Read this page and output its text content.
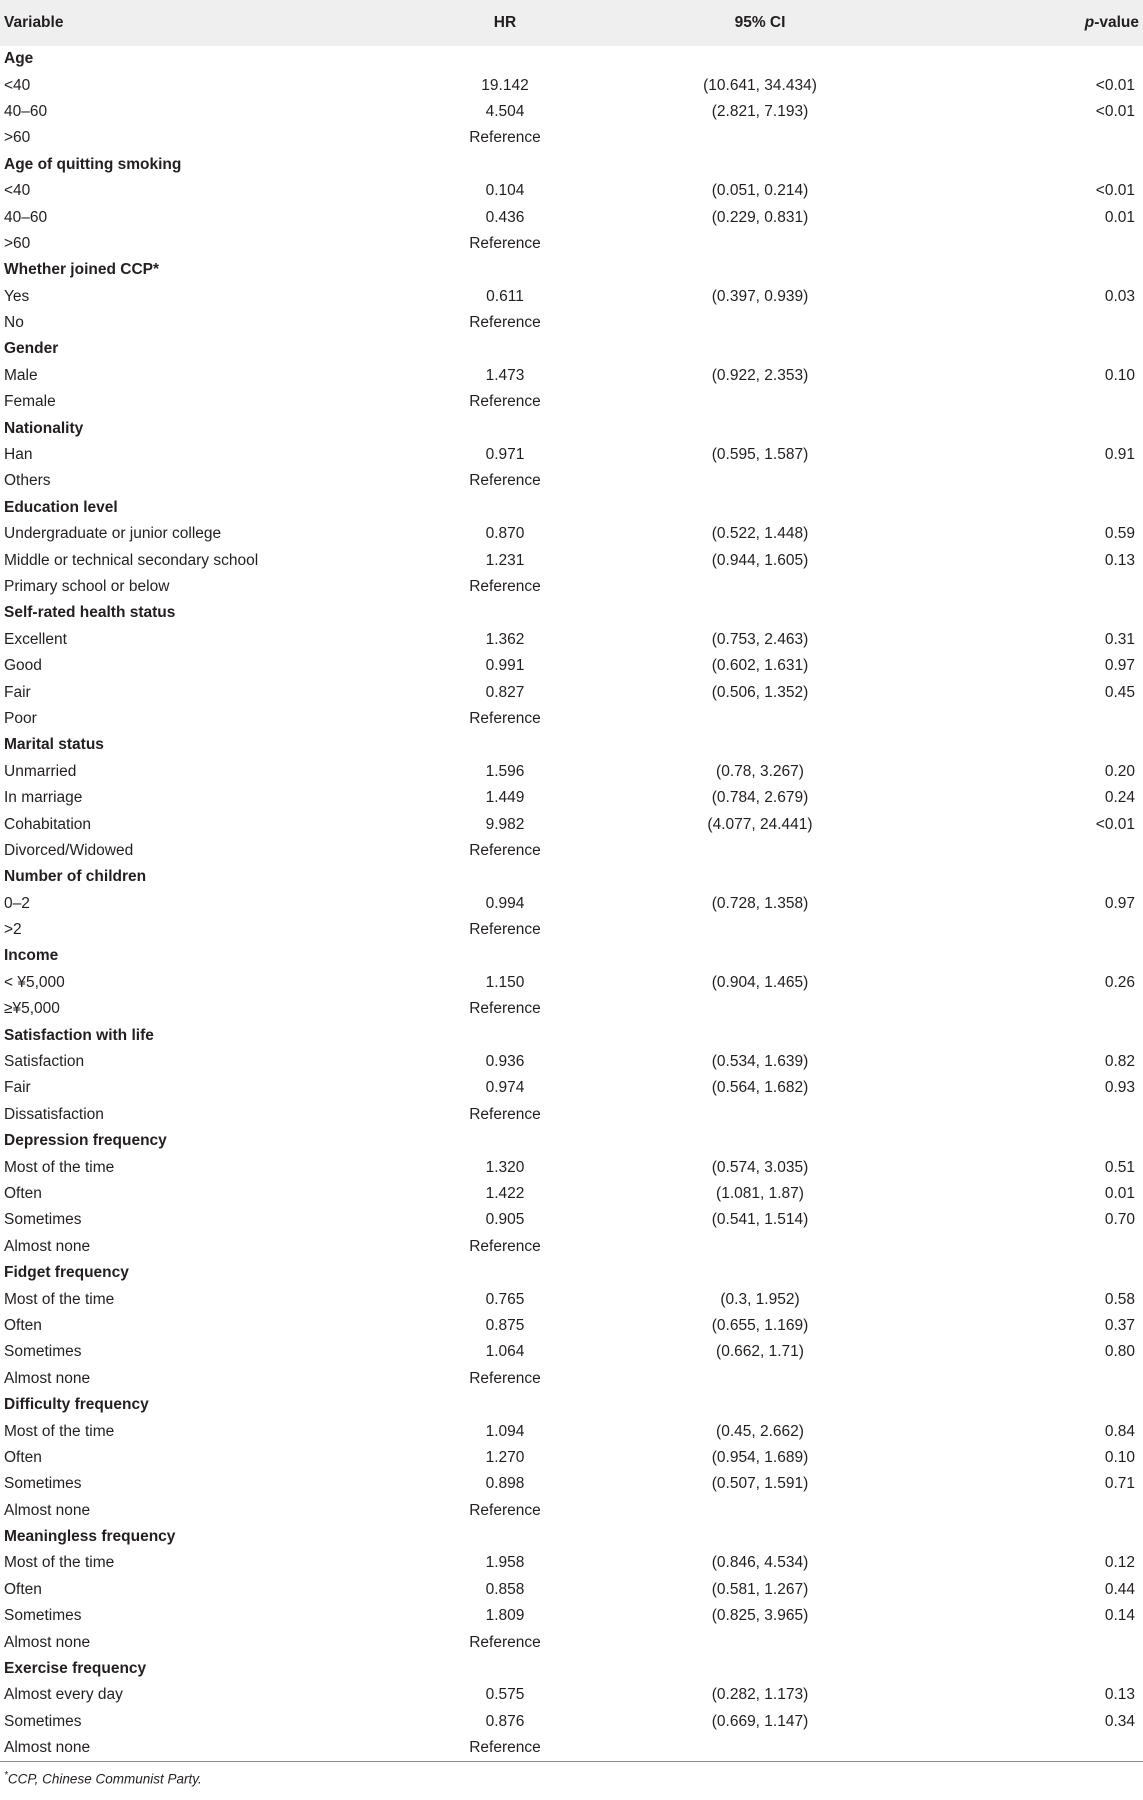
Variable	HR	95% CI	p-value
Age			
<40	19.142	(10.641, 34.434)	<0.01
40–60	4.504	(2.821, 7.193)	<0.01
>60	Reference		
Age of quitting smoking			
<40	0.104	(0.051, 0.214)	<0.01
40–60	0.436	(0.229, 0.831)	0.01
>60	Reference		
Whether joined CCP*			
Yes	0.611	(0.397, 0.939)	0.03
No	Reference		
Gender			
Male	1.473	(0.922, 2.353)	0.10
Female	Reference		
Nationality			
Han	0.971	(0.595, 1.587)	0.91
Others	Reference		
Education level			
Undergraduate or junior college	0.870	(0.522, 1.448)	0.59
Middle or technical secondary school	1.231	(0.944, 1.605)	0.13
Primary school or below	Reference		
Self-rated health status			
Excellent	1.362	(0.753, 2.463)	0.31
Good	0.991	(0.602, 1.631)	0.97
Fair	0.827	(0.506, 1.352)	0.45
Poor	Reference		
Marital status			
Unmarried	1.596	(0.78, 3.267)	0.20
In marriage	1.449	(0.784, 2.679)	0.24
Cohabitation	9.982	(4.077, 24.441)	<0.01
Divorced/Widowed	Reference		
Number of children			
0–2	0.994	(0.728, 1.358)	0.97
>2	Reference		
Income			
< ¥5,000	1.150	(0.904, 1.465)	0.26
≥¥5,000	Reference		
Satisfaction with life			
Satisfaction	0.936	(0.534, 1.639)	0.82
Fair	0.974	(0.564, 1.682)	0.93
Dissatisfaction	Reference		
Depression frequency			
Most of the time	1.320	(0.574, 3.035)	0.51
Often	1.422	(1.081, 1.87)	0.01
Sometimes	0.905	(0.541, 1.514)	0.70
Almost none	Reference		
Fidget frequency			
Most of the time	0.765	(0.3, 1.952)	0.58
Often	0.875	(0.655, 1.169)	0.37
Sometimes	1.064	(0.662, 1.71)	0.80
Almost none	Reference		
Difficulty frequency			
Most of the time	1.094	(0.45, 2.662)	0.84
Often	1.270	(0.954, 1.689)	0.10
Sometimes	0.898	(0.507, 1.591)	0.71
Almost none	Reference		
Meaningless frequency			
Most of the time	1.958	(0.846, 4.534)	0.12
Often	0.858	(0.581, 1.267)	0.44
Sometimes	1.809	(0.825, 3.965)	0.14
Almost none	Reference		
Exercise frequency			
Almost every day	0.575	(0.282, 1.173)	0.13
Sometimes	0.876	(0.669, 1.147)	0.34
Almost none	Reference		
*CCP, Chinese Communist Party.
